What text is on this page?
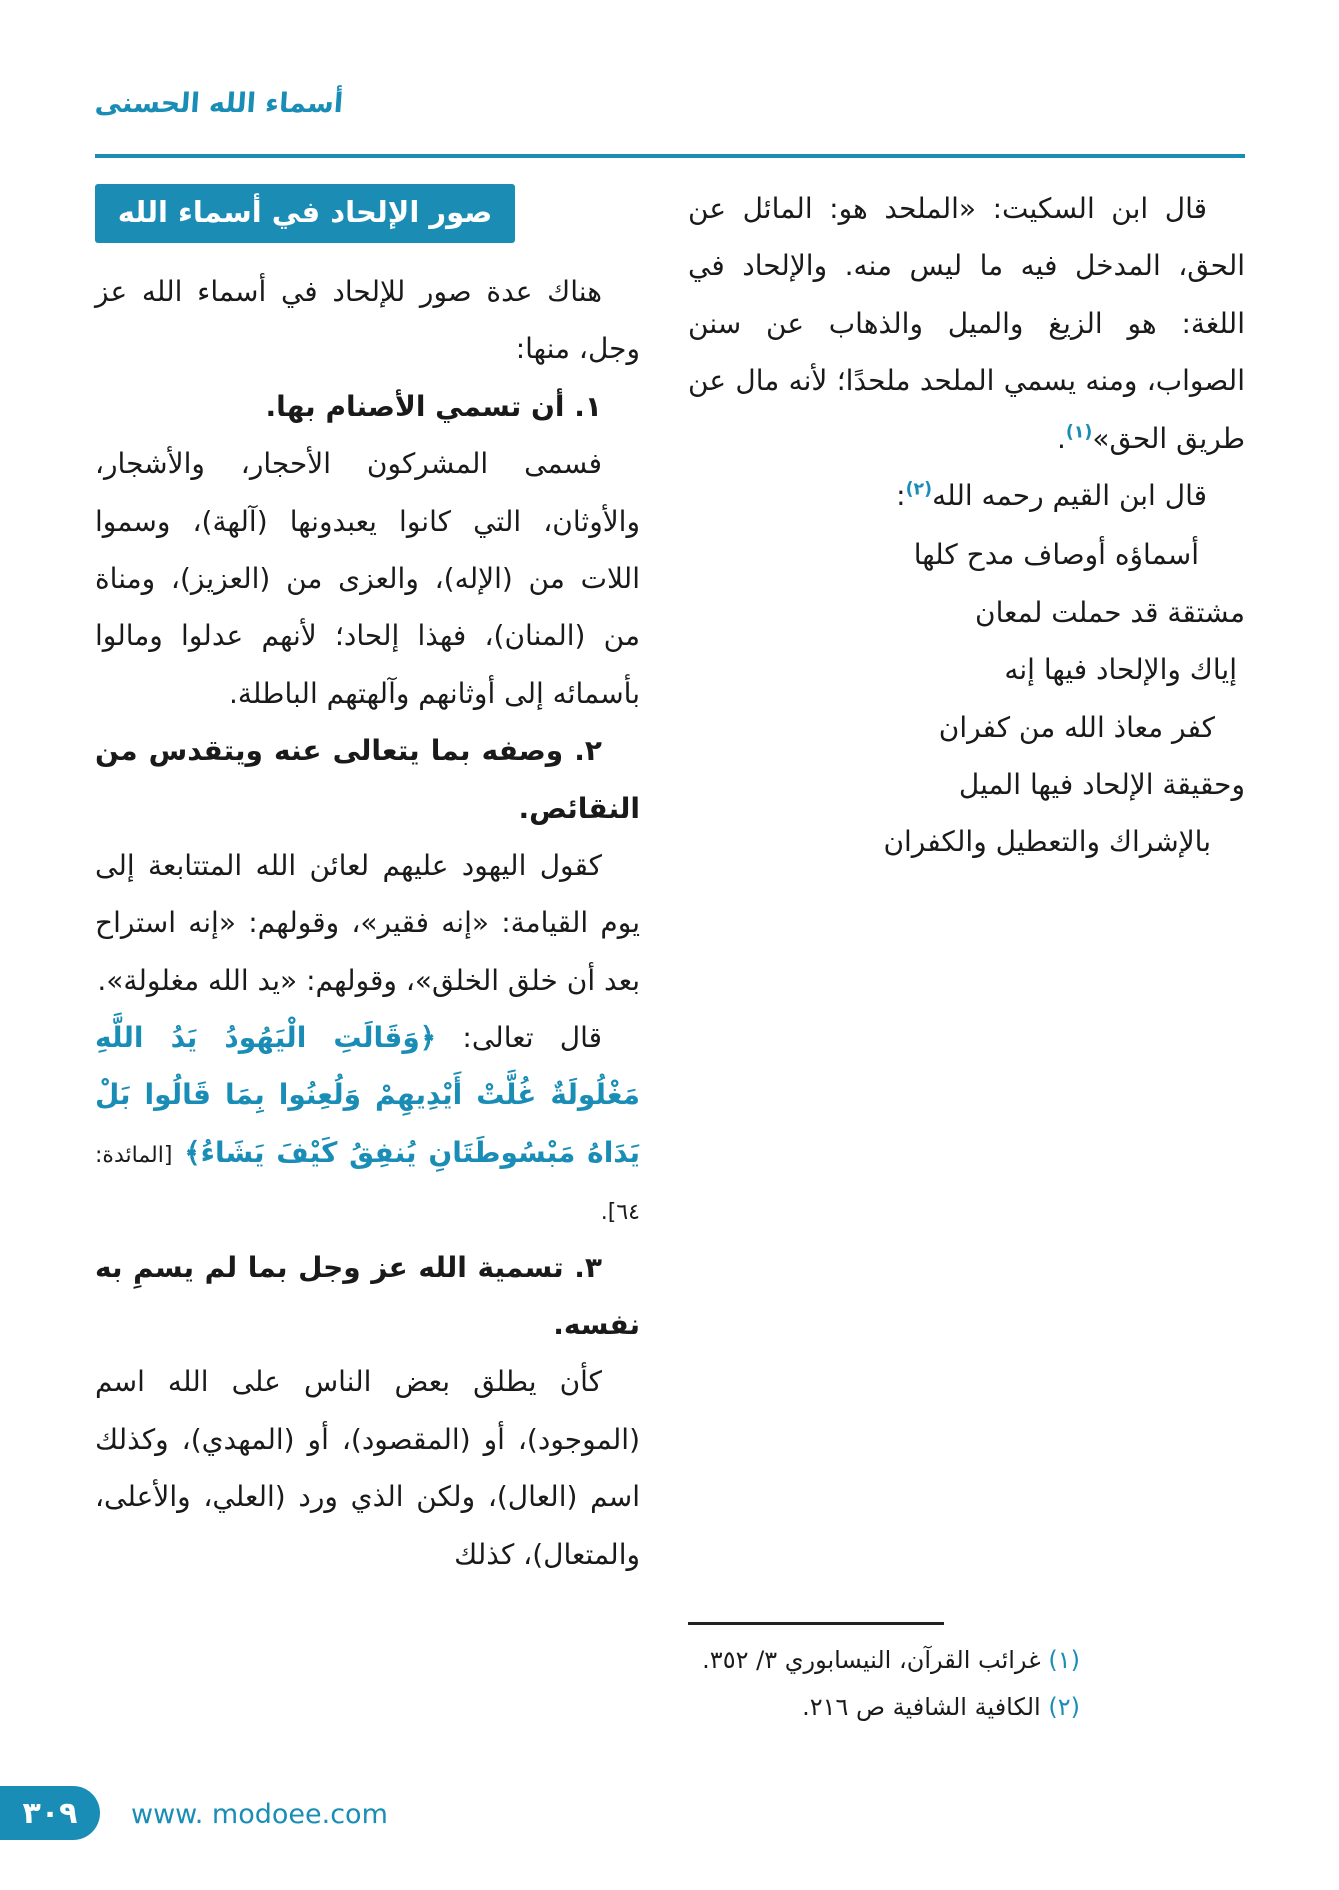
أسماء الله الحسنى

قال ابن السكيت: «الملحد هو: المائل عن الحق، المدخل فيه ما ليس منه. والإلحاد في اللغة: هو الزيغ والميل والذهاب عن سنن الصواب، ومنه يسمي الملحد ملحدًا؛ لأنه مال عن طريق الحق»$^{(١)}$.

قال ابن القيم رحمه الله$^{(٢)}$:

أسماؤه أوصاف مدح كلها
مشتقة قد حملت لمعان
إياك والإلحاد فيها إنه
كفر معاذ الله من كفران
وحقيقة الإلحاد فيها الميل
بالإشراك والتعطيل والكفران
صور الإلحاد في أسماء الله

هناك عدة صور للإلحاد في أسماء الله عز وجل، منها:

١. أن تسمي الأصنام بها.

فسمى المشركون الأحجار، والأشجار، والأوثان، التي كانوا يعبدونها (آلهة)، وسموا اللات من (الإله)، والعزى من (العزيز)، ومناة من (المنان)، فهذا إلحاد؛ لأنهم عدلوا ومالوا بأسمائه إلى أوثانهم وآلهتهم الباطلة.

٢. وصفه بما يتعالى عنه ويتقدس من النقائص.

كقول اليهود عليهم لعائن الله المتتابعة إلى يوم القيامة: «إنه فقير»، وقولهم: «إنه استراح بعد أن خلق الخلق»، وقولهم: «يد الله مغلولة».

قال تعالى: ﴿وَقَالَتِ الْيَهُودُ يَدُ اللَّهِ مَغْلُولَةٌ غُلَّتْ أَيْدِيهِمْ وَلُعِنُوا بِمَا قَالُوا بَلْ يَدَاهُ مَبْسُوطَتَانِ يُنفِقُ كَيْفَ يَشَاءُ﴾ [المائدة: ٦٤].

٣. تسمية الله عز وجل بما لم يسمِ به نفسه.

كأن يطلق بعض الناس على الله اسم (الموجود)، أو (المقصود)، أو (المهدي)، وكذلك اسم (العال)، ولكن الذي ورد (العلي، والأعلى، والمتعال)، كذلك

(١) غرائب القرآن، النيسابوري ٣/ ٣٥٢.
(٢) الكافية الشافية ص ٢١٦.
٣٠٩	www. modoee.com
